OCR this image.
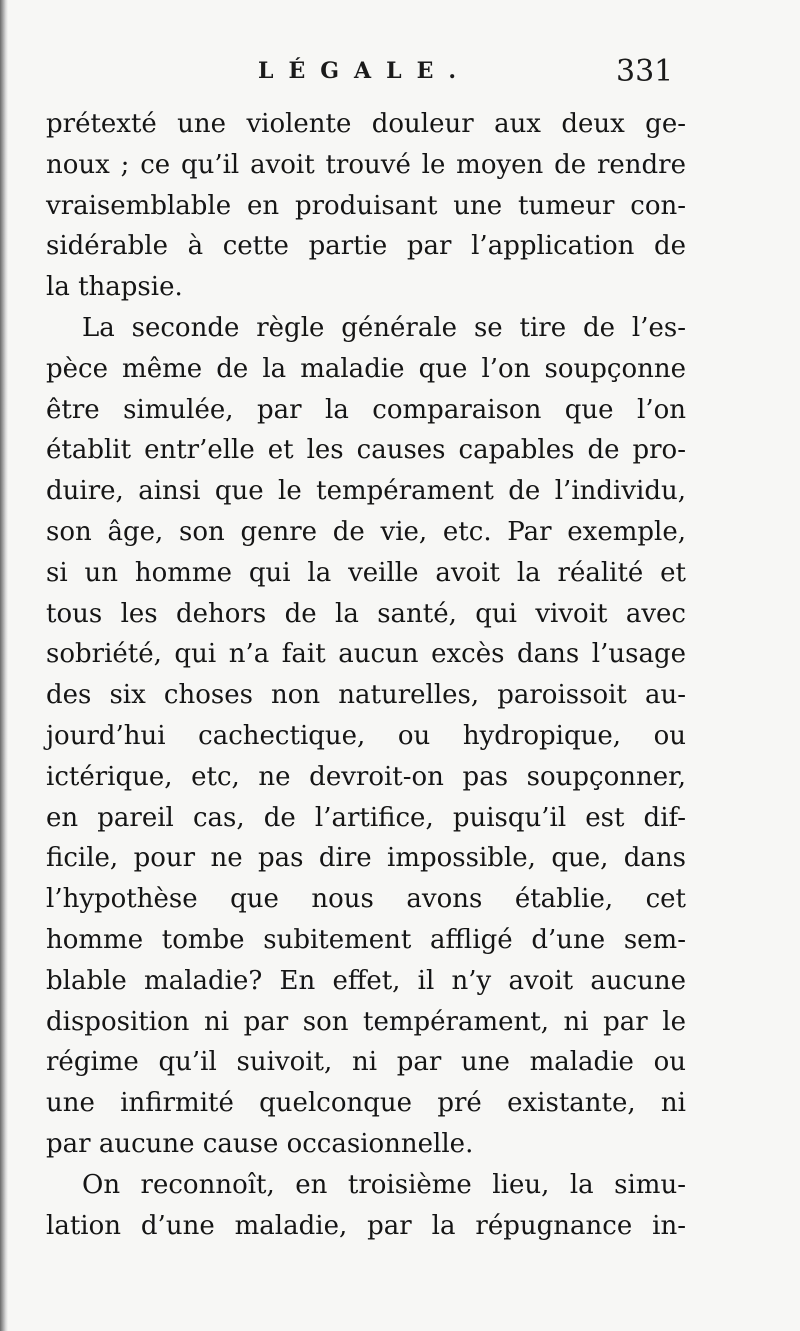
LÉGALE.	331
prétexté une violente douleur aux deux ge-
noux ; ce qu’il avoit trouvé le moyen de rendre
vraisemblable en produisant une tumeur con-
sidérable à cette partie par l’application de
la thapsie.
La seconde règle générale se tire de l’es-
pèce même de la maladie que l’on soupçonne
être simulée, par la comparaison que l’on
établit entr’elle et les causes capables de pro-
duire, ainsi que le tempérament de l’individu,
son âge, son genre de vie, etc. Par exemple,
si un homme qui la veille avoit la réalité et
tous les dehors de la santé, qui vivoit avec
sobriété, qui n’a fait aucun excès dans l’usage
des six choses non naturelles, paroissoit au-
jourd’hui cachectique, ou hydropique, ou
ictérique, etc, ne devroit-on pas soupçonner,
en pareil cas, de l’artifice, puisqu’il est dif-
ficile, pour ne pas dire impossible, que, dans
l’hypothèse que nous avons établie, cet
homme tombe subitement affligé d’une sem-
blable maladie? En effet, il n’y avoit aucune
disposition ni par son tempérament, ni par le
régime qu’il suivoit, ni par une maladie ou
une infirmité quelconque pré existante, ni
par aucune cause occasionnelle.
On reconnoît, en troisième lieu, la simu-
lation d’une maladie, par la répugnance in-
